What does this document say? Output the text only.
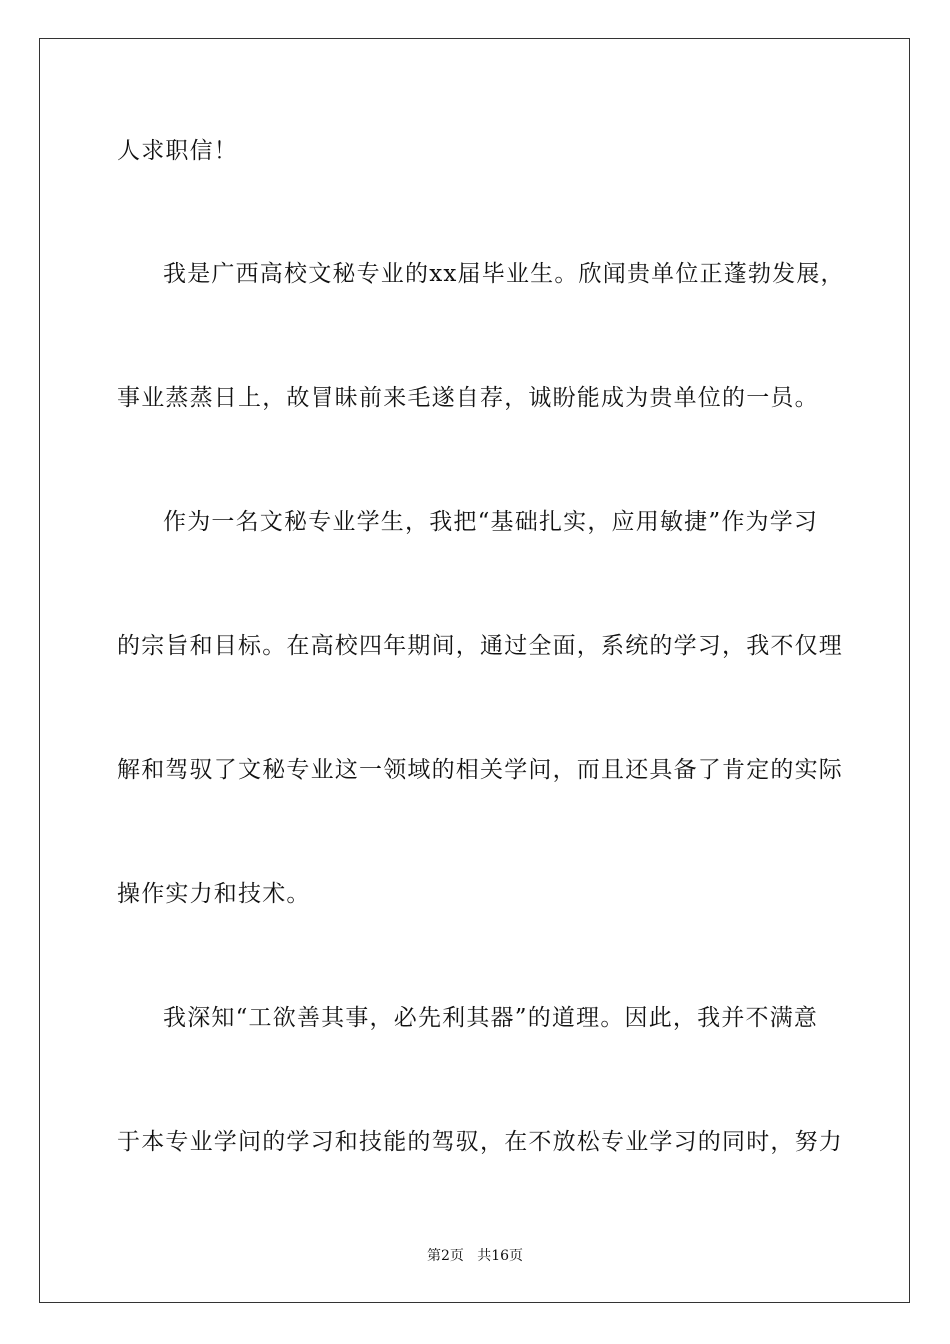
人求职信！

我是广西高校文秘专业的xx届毕业生。欣闻贵单位正蓬勃发展，

事业蒸蒸日上，故冒昧前来毛遂自荐，诚盼能成为贵单位的一员。

作为一名文秘专业学生，我把“基础扎实，应用敏捷”作为学习

的宗旨和目标。在高校四年期间，通过全面，系统的学习，我不仅理

解和驾驭了文秘专业这一领域的相关学问，而且还具备了肯定的实际

操作实力和技术。

我深知“工欲善其事，必先利其器”的道理。因此，我并不满意

于本专业学问的学习和技能的驾驭，在不放松专业学习的同时，努力

第2页   共16页
